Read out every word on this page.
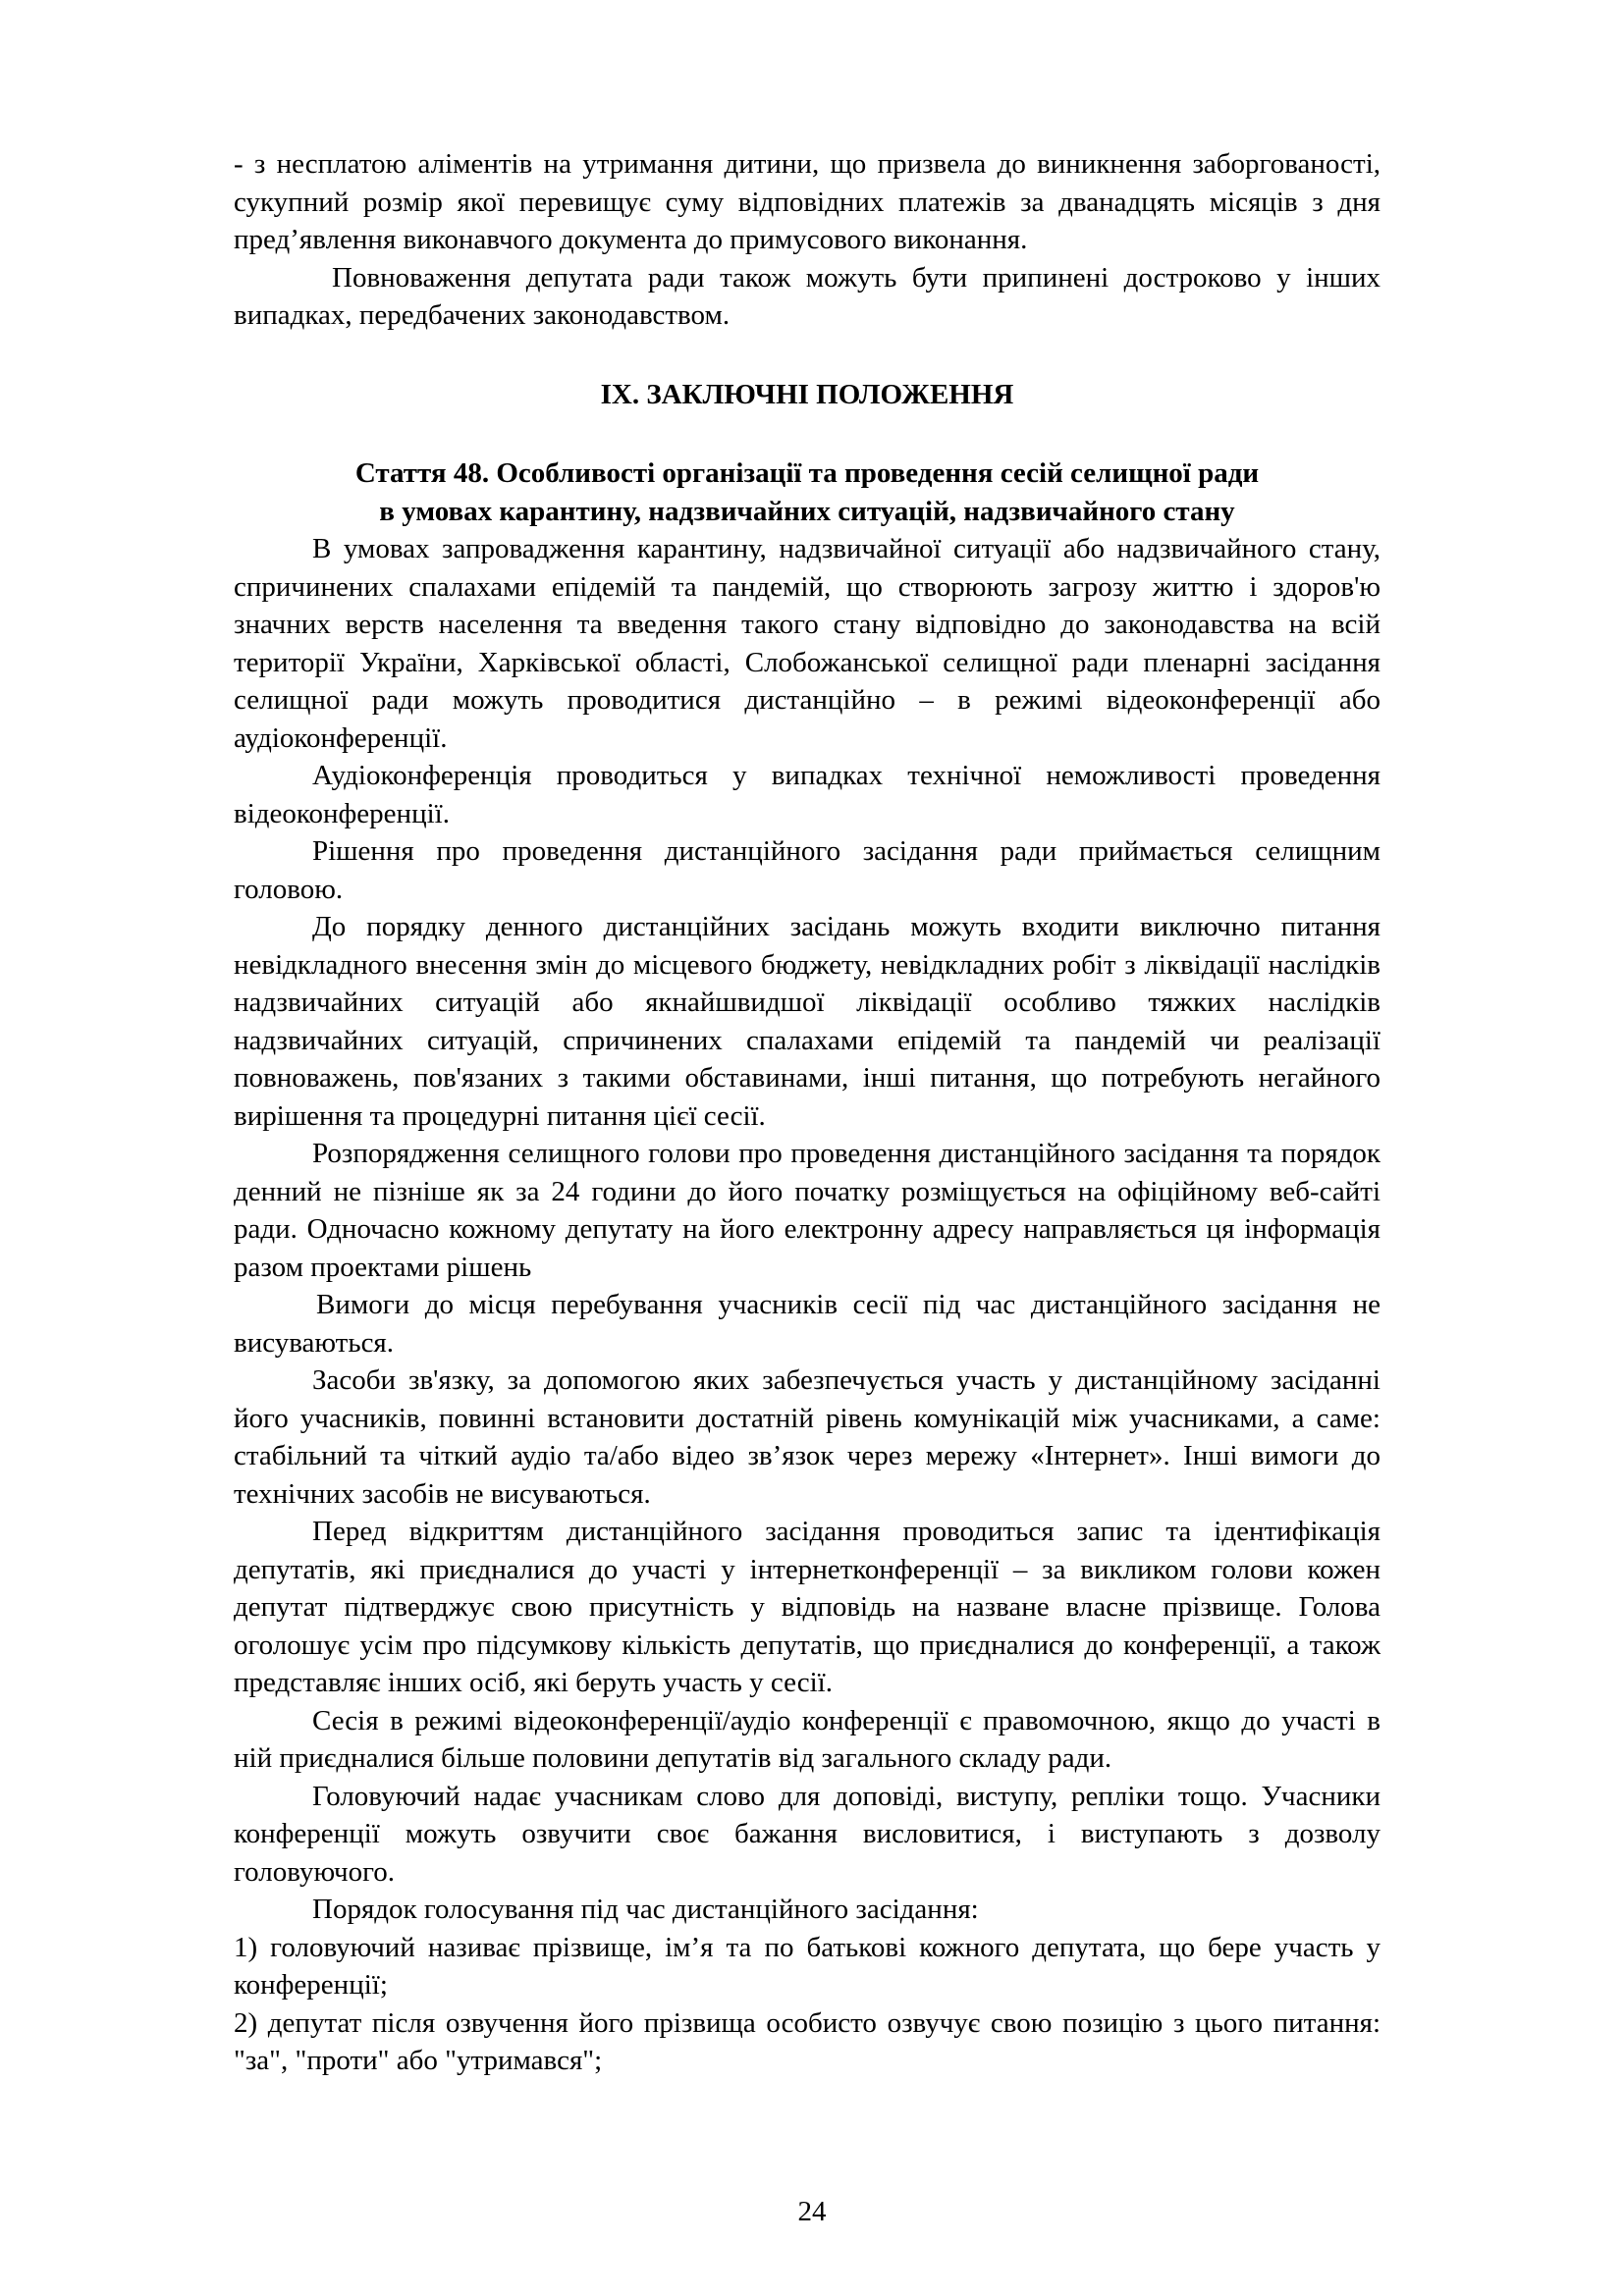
- з несплатою аліментів на утримання дитини, що призвела до виникнення заборгованості, сукупний розмір якої перевищує суму відповідних платежів за дванадцять місяців з дня пред’явлення виконавчого документа до примусового виконання.

Повноваження депутата ради також можуть бути припинені достроково у інших випадках, передбачених законодавством.

IX. ЗАКЛЮЧНІ ПОЛОЖЕННЯ
Стаття 48. Особливості організації та проведення сесій селищної ради
в умовах карантину, надзвичайних ситуацій, надзвичайного стану

В умовах запровадження карантину, надзвичайної ситуації або надзвичайного стану, спричинених спалахами епідемій та пандемій, що створюють загрозу життю і здоров'ю значних верств населення та введення такого стану відповідно до законодавства на всій території України, Харківської області, Слобожанської селищної ради пленарні засідання селищної ради можуть проводитися дистанційно – в режимі відеоконференції або аудіоконференції.

Аудіоконференція проводиться у випадках технічної неможливості проведення відеоконференції.

Рішення про проведення дистанційного засідання ради приймається селищним головою.

До порядку денного дистанційних засідань можуть входити виключно питання невідкладного внесення змін до місцевого бюджету, невідкладних робіт з ліквідації наслідків надзвичайних ситуацій або якнайшвидшої ліквідації особливо тяжких наслідків надзвичайних ситуацій, спричинених спалахами епідемій та пандемій чи реалізації повноважень, пов'язаних з такими обставинами, інші питання, що потребують негайного вирішення та процедурні питання цієї сесії.

Розпорядження селищного голови про проведення дистанційного засідання та порядок денний не пізніше як за 24 години до його початку розміщується на офіційному веб-сайті ради. Одночасно кожному депутату на його електронну адресу направляється ця інформація разом проектами рішень

Вимоги до місця перебування учасників сесії під час дистанційного засідання не висуваються.

Засоби зв'язку, за допомогою яких забезпечується участь у дистанційному засіданні його учасників, повинні встановити достатній рівень комунікацій між учасниками, а саме: стабільний та чіткий аудіо та/або відео зв’язок через мережу «Інтернет». Інші вимоги до технічних засобів не висуваються.

Перед відкриттям дистанційного засідання проводиться запис та ідентифікація депутатів, які приєдналися до участі у інтернетконференції – за викликом голови кожен депутат підтверджує свою присутність у відповідь на назване власне прізвище. Голова оголошує усім про підсумкову кількість депутатів, що приєдналися до конференції, а також представляє інших осіб, які беруть участь у сесії.

Сесія в режимі відеоконференції/аудіо конференції є правомочною, якщо до участі в ній приєдналися більше половини депутатів від загального складу ради.

Головуючий надає учасникам слово для доповіді, виступу, репліки тощо. Учасники конференції можуть озвучити своє бажання висловитися, і виступають з дозволу головуючого.

Порядок голосування під час дистанційного засідання:

1) головуючий називає прізвище, ім’я та по батькові кожного депутата, що бере участь у конференції;

2) депутат після озвучення його прізвища особисто озвучує свою позицію з цього питання: "за", "проти" або "утримався";

24
